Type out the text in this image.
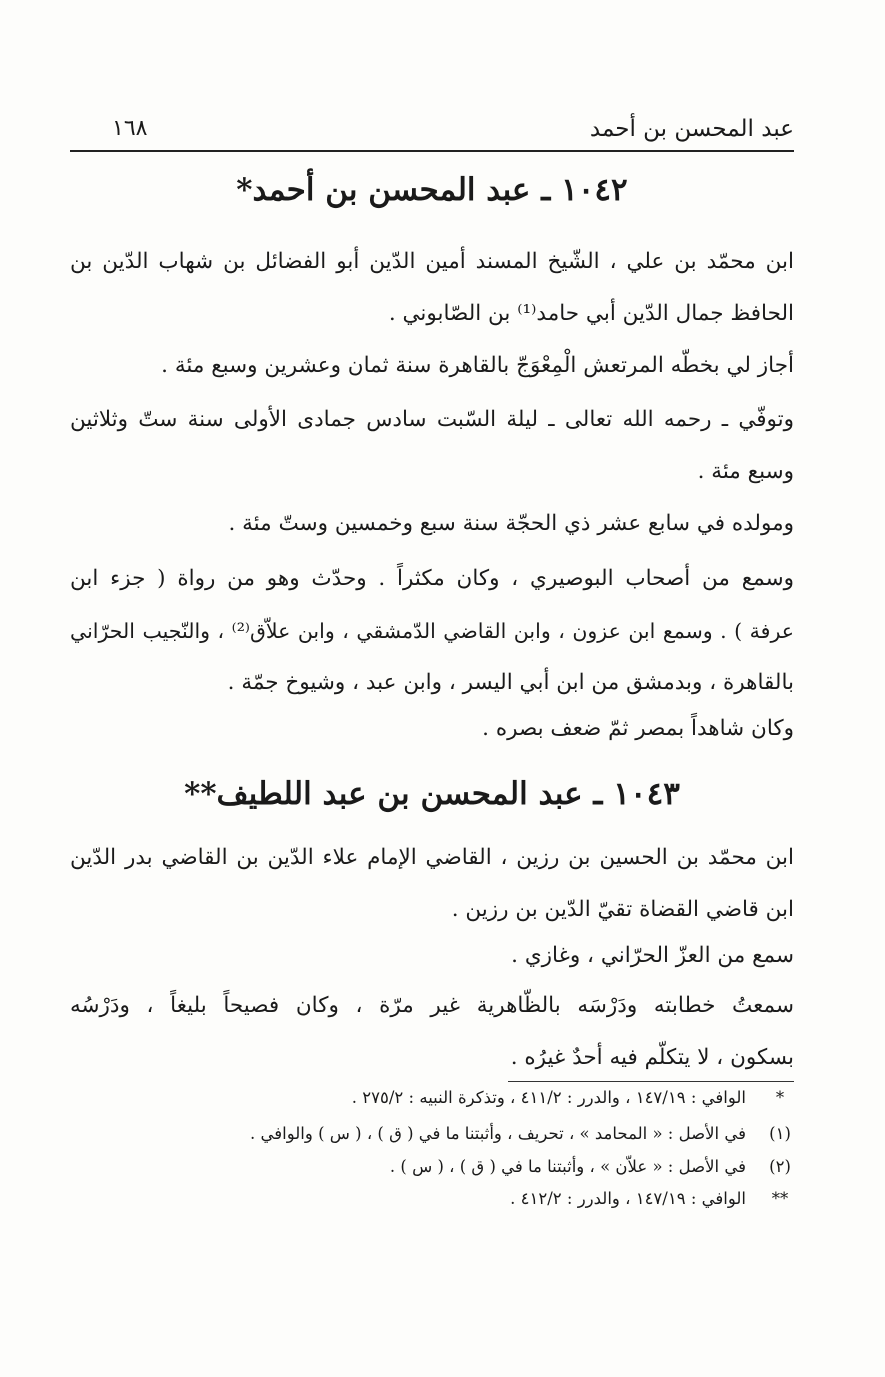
عبد المحسن بن أحمد
١٦٨
١٠٤٢ ـ عبد المحسن بن أحمد*
ابن محمّد بن علي ، الشّيخ المسند أمين الدّين أبو الفضائل بن شهاب الدّين بن
الحافظ جمال الدّين أبي حامد⁽¹⁾ بن الصّابوني .
أجاز لي بخطّه المرتعش الْمِعْوَجّ بالقاهرة سنة ثمان وعشرين وسبع مئة .
وتوفّي ـ رحمه الله تعالى ـ ليلة السّبت سادس جمادى الأولى سنة ستّ وثلاثين
وسبع مئة .
ومولده في سابع عشر ذي الحجّة سنة سبع وخمسين وستّ مئة .
وسمع من أصحاب البوصيري ، وكان مكثراً . وحدّث وهو من رواة ( جزء ابن
عرفة ) . وسمع ابن عزون ، وابن القاضي الدّمشقي ، وابن علاّق⁽²⁾ ، والنّجيب الحرّاني
بالقاهرة ، وبدمشق من ابن أبي اليسر ، وابن عبد ، وشيوخ جمّة .
وكان شاهداً بمصر ثمّ ضعف بصره .
١٠٤٣ ـ عبد المحسن بن عبد اللطيف**
ابن محمّد بن الحسين بن رزين ، القاضي الإمام علاء الدّين بن القاضي بدر الدّين
ابن قاضي القضاة تقيّ الدّين بن رزين .
سمع من العزّ الحرّاني ، وغازي .
سمعتُ خطابته ودَرْسَه بالظّاهرية غير مرّة ، وكان فصيحاً بليغاً ، ودَرْسُه
بسكون ، لا يتكلّم فيه أحدٌ غيرُه .
*
الوافي : ١٤٧/١٩ ، والدرر : ٤١١/٢ ، وتذكرة النبيه : ٢٧٥/٢ .
(١)
في الأصل : « المحامد » ، تحريف ، وأثبتنا ما في ( ق ) ، ( س ) والوافي .
(٢)
في الأصل : « علاّن » ، وأثبتنا ما في ( ق ) ، ( س ) .
**
الوافي : ١٤٧/١٩ ، والدرر : ٤١٢/٢ .
